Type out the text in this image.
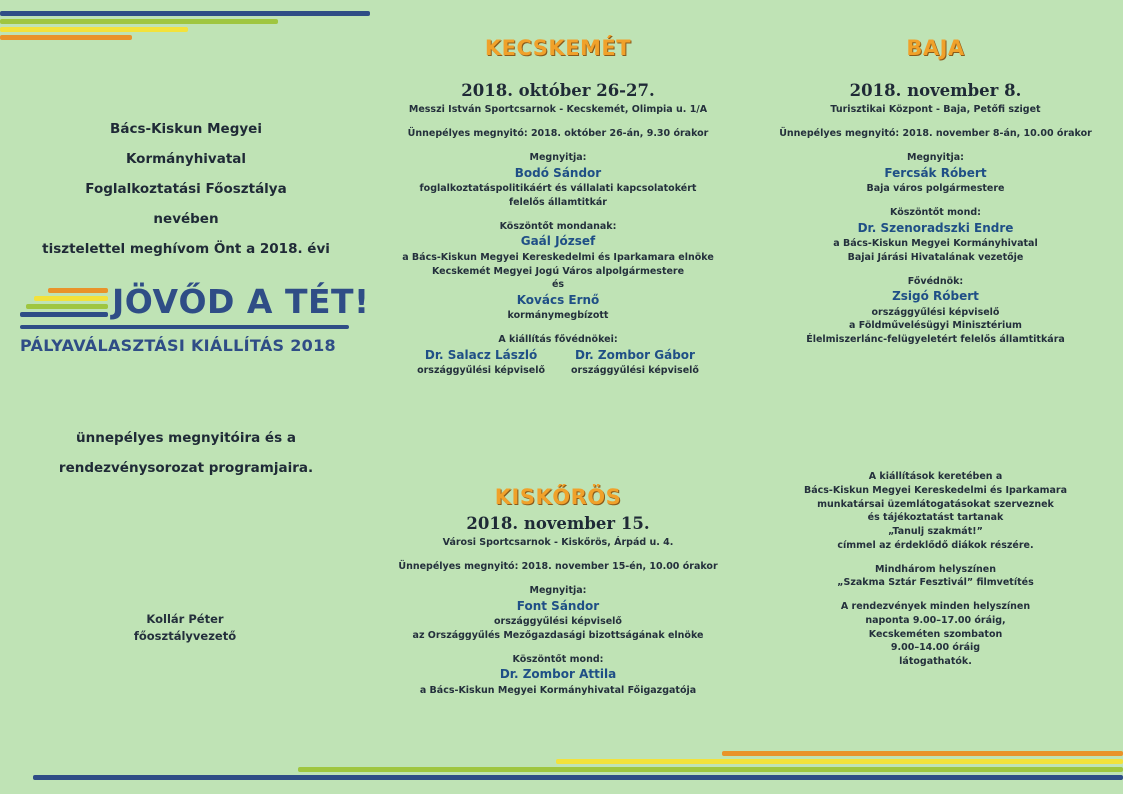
Bács-Kiskun Megyei

Kormányhivatal

Foglalkoztatási Főosztálya

nevében

tisztelettel meghívom Önt a 2018. évi

JÖVŐD A TÉT!
PÁLYAVÁLASZTÁSI KIÁLLÍTÁS 2018

ünnepélyes megnyitóira és a

rendezvénysorozat programjaira.

Kollár Péter

főosztályvezető

KECSKEMÉT

2018. október 26-27.

Messzi István Sportcsarnok - Kecskemét, Olimpia u. 1/A

Ünnepélyes megnyitó: 2018. október 26-án, 9.30 órakor

Megnyitja:

Bodó Sándor

foglalkoztatáspolitikáért és vállalati kapcsolatokért

felelős államtitkár

Köszöntőt mondanak:

Gaál József

a Bács-Kiskun Megyei Kereskedelmi és Iparkamara elnöke

Kecskemét Megyei Jogú Város alpolgármestere

és

Kovács Ernő

kormánymegbízott

A kiállítás fővédnökei:

Dr. Salacz László

országgyűlési képviselő

Dr. Zombor Gábor

országgyűlési képviselő

KISKŐRÖS

2018. november 15.

Városi Sportcsarnok - Kiskőrös, Árpád u. 4.

Ünnepélyes megnyitó: 2018. november 15-én, 10.00 órakor

Megnyitja:

Font Sándor

országgyűlési képviselő

az Országgyűlés Mezőgazdasági bizottságának elnöke

Köszöntőt mond:

Dr. Zombor Attila

a Bács-Kiskun Megyei Kormányhivatal Főigazgatója

BAJA

2018. november 8.

Turisztikai Központ - Baja, Petőfi sziget

Ünnepélyes megnyitó: 2018. november 8-án, 10.00 órakor

Megnyitja:

Fercsák Róbert

Baja város polgármestere

Köszöntőt mond:

Dr. Szenoradszki Endre

a Bács-Kiskun Megyei Kormányhivatal

Bajai Járási Hivatalának vezetője

Fővédnök:

Zsigó Róbert

országgyűlési képviselő

a Földművelésügyi Minisztérium

Élelmiszerlánc-felügyeletért felelős államtitkára

A kiállítások keretében a

Bács-Kiskun Megyei Kereskedelmi és Iparkamara

munkatársai üzemlátogatásokat szerveznek

és tájékoztatást tartanak

„Tanulj szakmát!”

címmel az érdeklődő diákok részére.

Mindhárom helyszínen

„Szakma Sztár Fesztivál” filmvetítés

A rendezvények minden helyszínen

naponta 9.00–17.00 óráig,

Kecskeméten szombaton

9.00–14.00 óráig

látogathatók.
